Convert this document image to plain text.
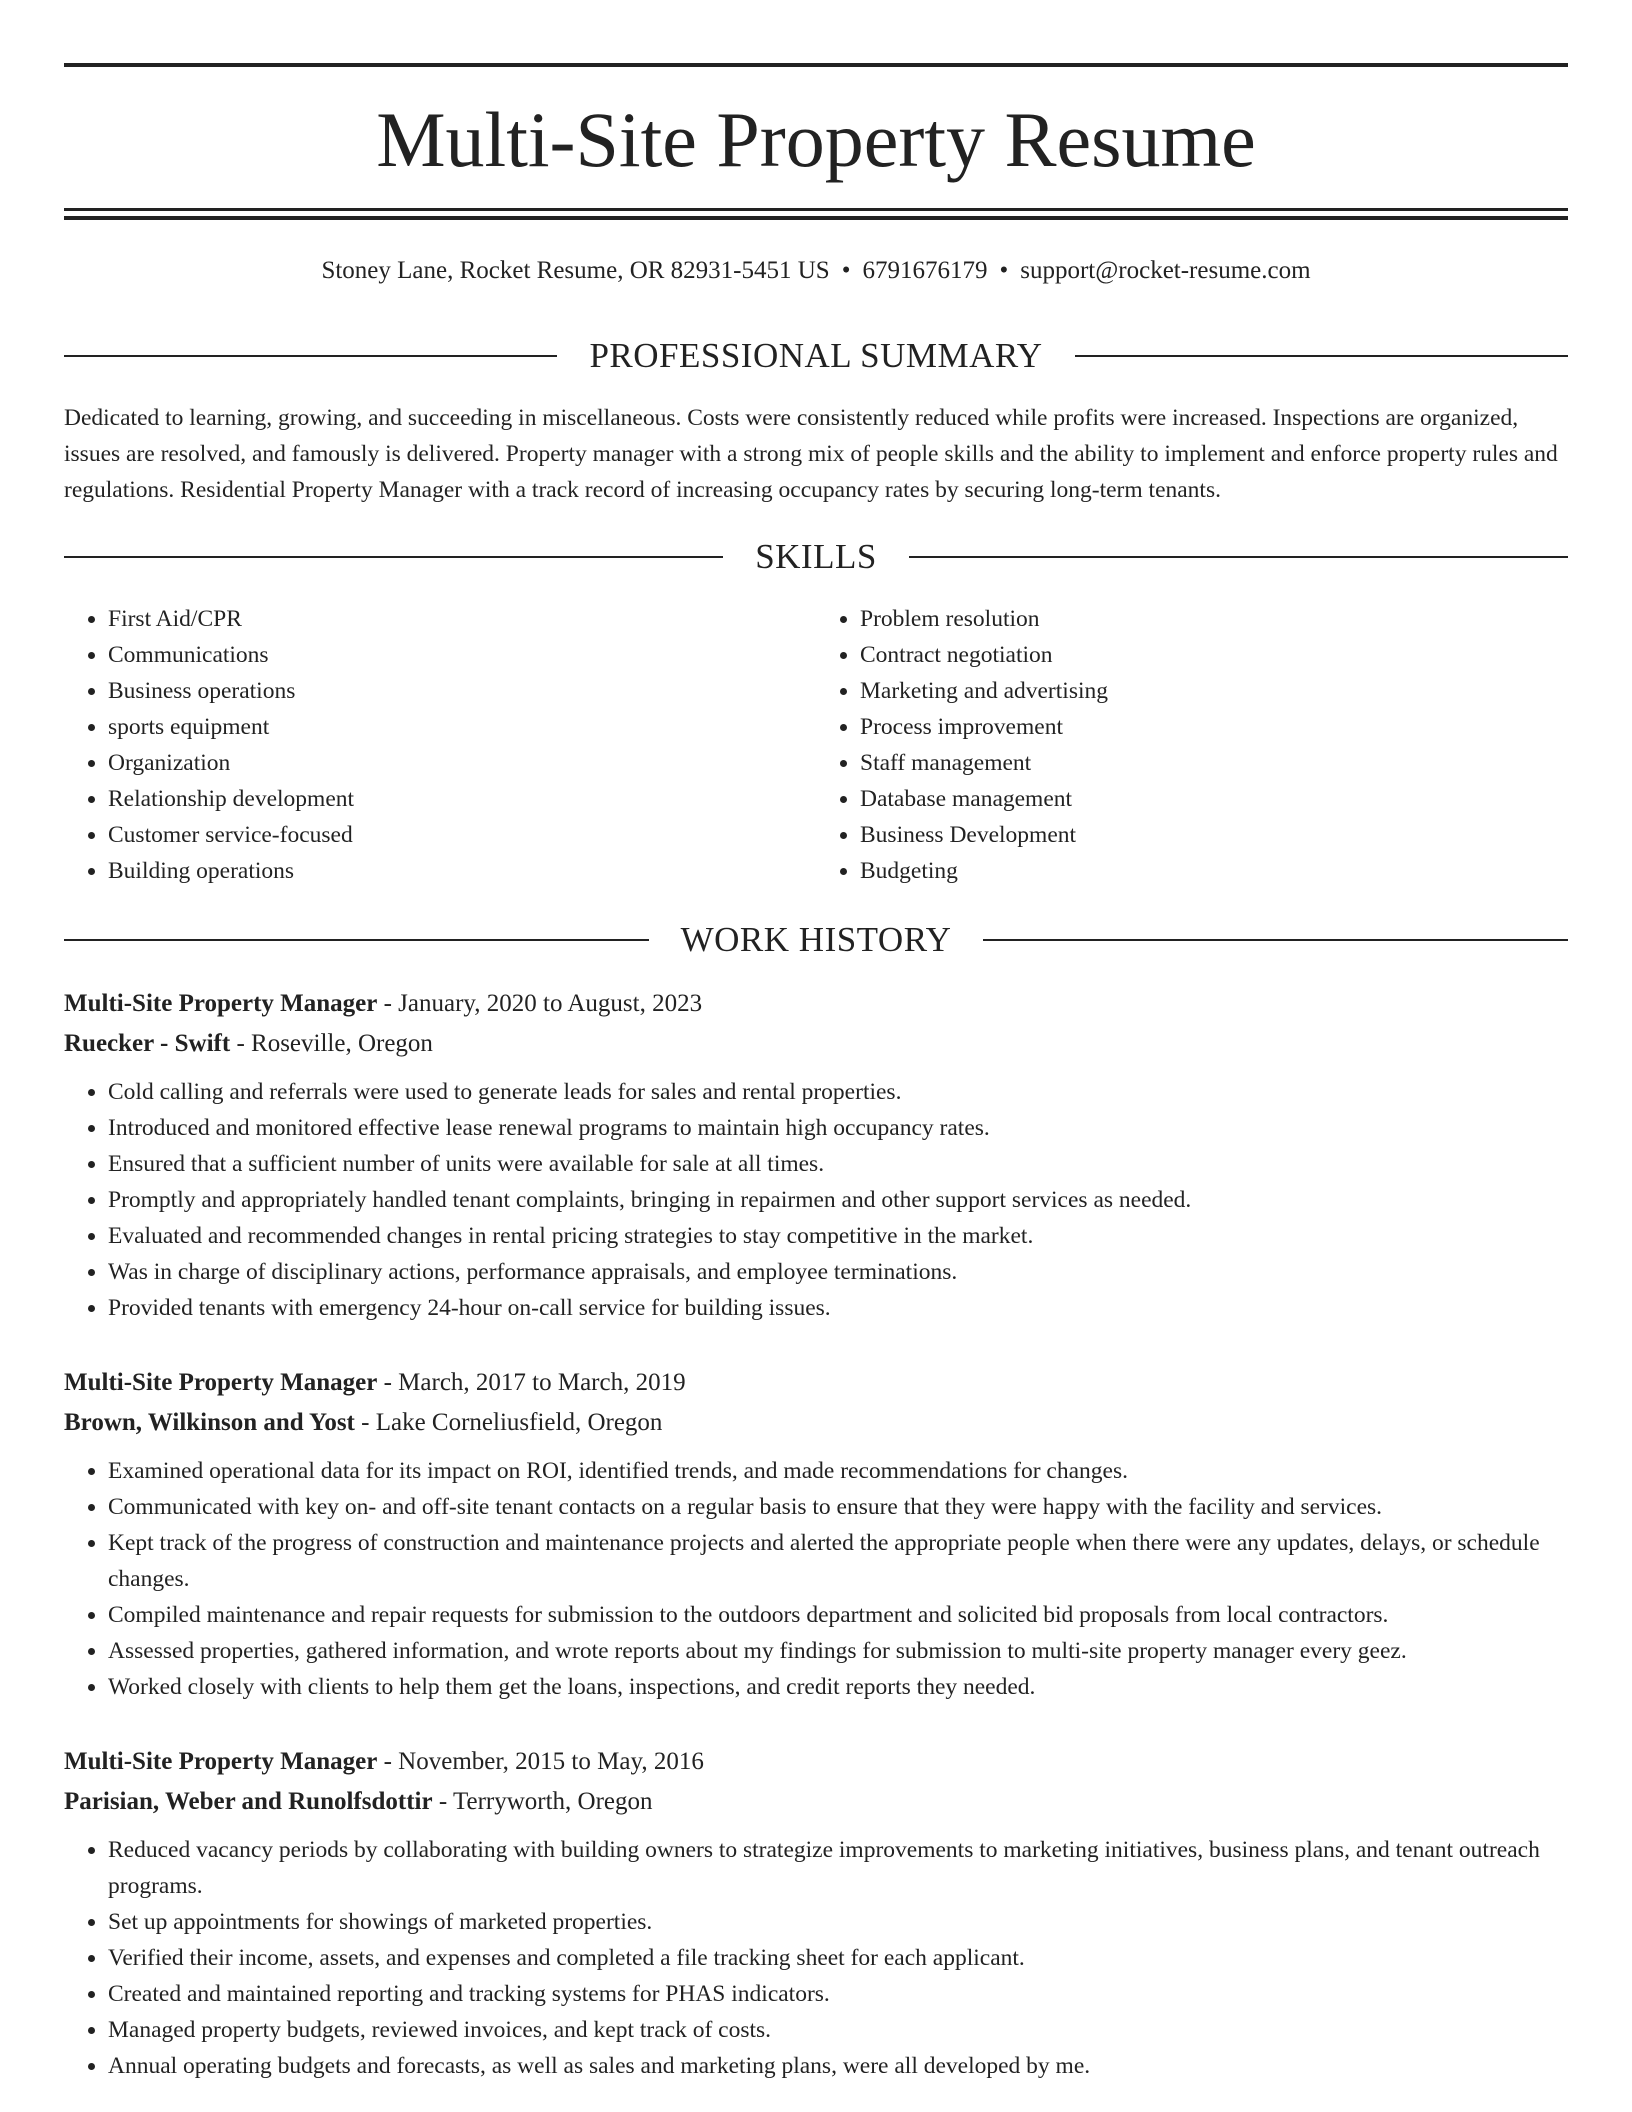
Multi-Site Property Resume
Stoney Lane, Rocket Resume, OR 82931-5451 US • 6791676179 • support@rocket-resume.com
PROFESSIONAL SUMMARY

Dedicated to learning, growing, and succeeding in miscellaneous. Costs were consistently reduced while profits were increased. Inspections are organized, issues are resolved, and famously is delivered. Property manager with a strong mix of people skills and the ability to implement and enforce property rules and regulations. Residential Property Manager with a track record of increasing occupancy rates by securing long-term tenants.

SKILLS
• First Aid/CPR
• Communications
• Business operations
• sports equipment
• Organization
• Relationship development
• Customer service-focused
• Building operations
• Problem resolution
• Contract negotiation
• Marketing and advertising
• Process improvement
• Staff management
• Database management
• Business Development
• Budgeting
WORK HISTORY
Multi-Site Property Manager - January, 2020 to August, 2023
Ruecker - Swift - Roseville, Oregon
• Cold calling and referrals were used to generate leads for sales and rental properties.
• Introduced and monitored effective lease renewal programs to maintain high occupancy rates.
• Ensured that a sufficient number of units were available for sale at all times.
• Promptly and appropriately handled tenant complaints, bringing in repairmen and other support services as needed.
• Evaluated and recommended changes in rental pricing strategies to stay competitive in the market.
• Was in charge of disciplinary actions, performance appraisals, and employee terminations.
• Provided tenants with emergency 24-hour on-call service for building issues.
Multi-Site Property Manager - March, 2017 to March, 2019
Brown, Wilkinson and Yost - Lake Corneliusfield, Oregon
• Examined operational data for its impact on ROI, identified trends, and made recommendations for changes.
• Communicated with key on- and off-site tenant contacts on a regular basis to ensure that they were happy with the facility and services.
• Kept track of the progress of construction and maintenance projects and alerted the appropriate people when there were any updates, delays, or schedule changes.
• Compiled maintenance and repair requests for submission to the outdoors department and solicited bid proposals from local contractors.
• Assessed properties, gathered information, and wrote reports about my findings for submission to multi-site property manager every geez.
• Worked closely with clients to help them get the loans, inspections, and credit reports they needed.
Multi-Site Property Manager - November, 2015 to May, 2016
Parisian, Weber and Runolfsdottir - Terryworth, Oregon
• Reduced vacancy periods by collaborating with building owners to strategize improvements to marketing initiatives, business plans, and tenant outreach programs.
• Set up appointments for showings of marketed properties.
• Verified their income, assets, and expenses and completed a file tracking sheet for each applicant.
• Created and maintained reporting and tracking systems for PHAS indicators.
• Managed property budgets, reviewed invoices, and kept track of costs.
• Annual operating budgets and forecasts, as well as sales and marketing plans, were all developed by me.
